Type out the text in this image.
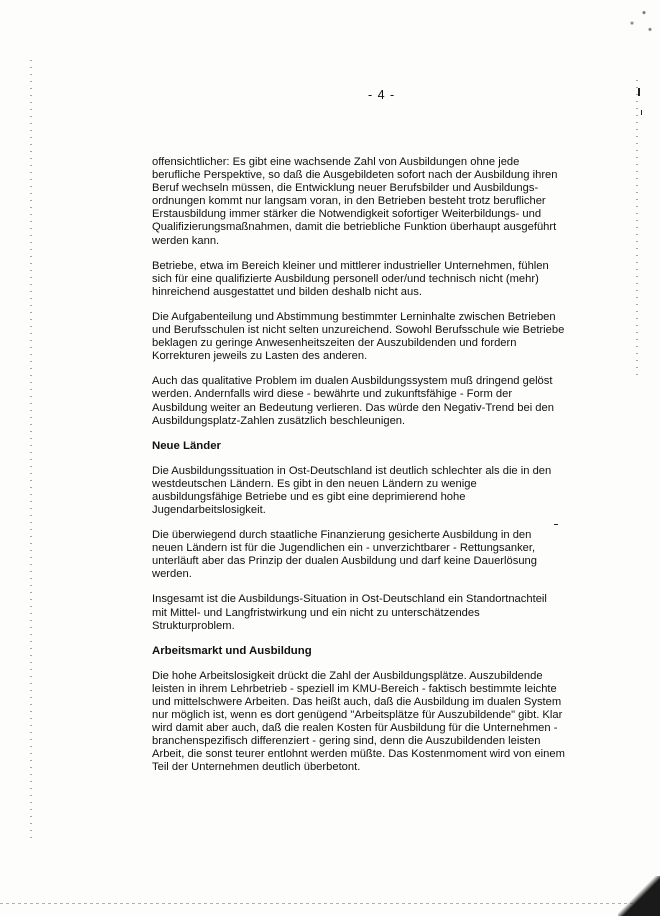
- 4 -

offensichtlicher: Es gibt eine wachsende Zahl von Ausbildungen ohne jede
berufliche Perspektive, so daß die Ausgebildeten sofort nach der Ausbildung ihren
Beruf wechseln müssen, die Entwicklung neuer Berufsbilder und Ausbildungs-
ordnungen kommt nur langsam voran, in den Betrieben besteht trotz beruflicher
Erstausbildung immer stärker die Notwendigkeit sofortiger Weiterbildungs- und
Qualifizierungsmaßnahmen, damit die betriebliche Funktion überhaupt ausgeführt
werden kann.

Betriebe, etwa im Bereich kleiner und mittlerer industrieller Unternehmen, fühlen
sich für eine qualifizierte Ausbildung personell oder/und technisch nicht (mehr)
hinreichend ausgestattet und bilden deshalb nicht aus.

Die Aufgabenteilung und Abstimmung bestimmter Lerninhalte zwischen Betrieben
und Berufsschulen ist nicht selten unzureichend. Sowohl Berufsschule wie Betriebe
beklagen zu geringe Anwesenheitszeiten der Auszubildenden und fordern
Korrekturen jeweils zu Lasten des anderen.

Auch das qualitative Problem im dualen Ausbildungssystem muß dringend gelöst
werden. Andernfalls wird diese - bewährte und zukunftsfähige - Form der
Ausbildung weiter an Bedeutung verlieren. Das würde den Negativ-Trend bei den
Ausbildungsplatz-Zahlen zusätzlich beschleunigen.

Neue Länder

Die Ausbildungssituation in Ost-Deutschland ist deutlich schlechter als die in den
westdeutschen Ländern. Es gibt in den neuen Ländern zu wenige
ausbildungsfähige Betriebe und es gibt eine deprimierend hohe
Jugendarbeitslosigkeit.

Die überwiegend durch staatliche Finanzierung gesicherte Ausbildung in den
neuen Ländern ist für die Jugendlichen ein - unverzichtbarer - Rettungsanker,
unterläuft aber das Prinzip der dualen Ausbildung und darf keine Dauerlösung
werden.

Insgesamt ist die Ausbildungs-Situation in Ost-Deutschland ein Standortnachteil
mit Mittel- und Langfristwirkung und ein nicht zu unterschätzendes
Strukturproblem.

Arbeitsmarkt und Ausbildung

Die hohe Arbeitslosigkeit drückt die Zahl der Ausbildungsplätze. Auszubildende
leisten in ihrem Lehrbetrieb - speziell im KMU-Bereich - faktisch bestimmte leichte
und mittelschwere Arbeiten. Das heißt auch, daß die Ausbildung im dualen System
nur möglich ist, wenn es dort genügend "Arbeitsplätze für Auszubildende" gibt. Klar
wird damit aber auch, daß die realen Kosten für Ausbildung für die Unternehmen -
branchenspezifisch differenziert - gering sind, denn die Auszubildenden leisten
Arbeit, die sonst teurer entlohnt werden müßte. Das Kostenmoment wird von einem
Teil der Unternehmen deutlich überbetont.
